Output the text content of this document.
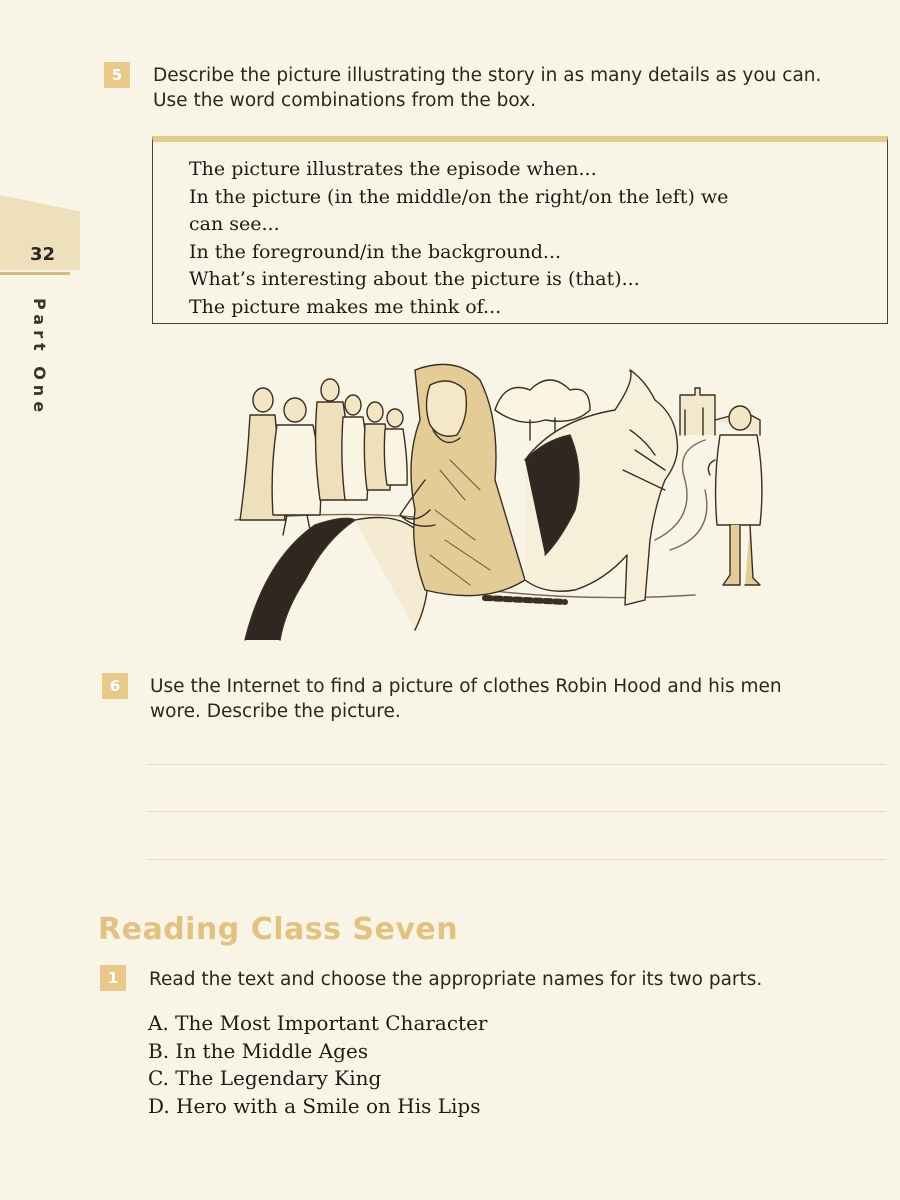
32
Part One
5	Describe the picture illustrating the story in as many details as you can.
Use the word combinations from the box.
The picture illustrates the episode when...
In the picture (in the middle/on the right/on the left) we
can see...
In the foreground/in the background...
What’s interesting about the picture is (that)...
The picture makes me think of...
6	Use the Internet to find a picture of clothes Robin Hood and his men
wore. Describe the picture.
Reading Class Seven
1	Read the text and choose the appropriate names for its two parts.
A. The Most Important Character
B. In the Middle Ages
C. The Legendary King
D. Hero with a Smile on His Lips
